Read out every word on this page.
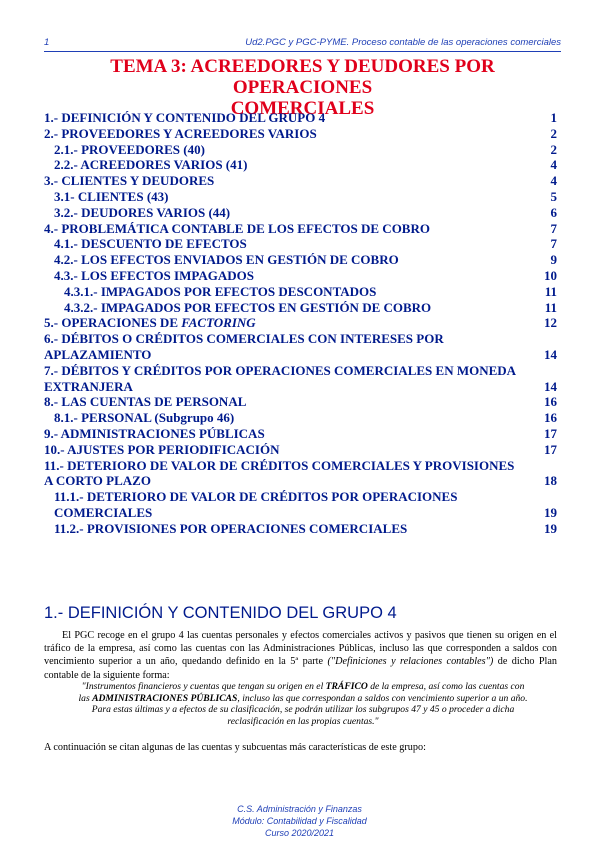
1	Ud2.PGC y PGC-PYME. Proceso contable de las operaciones comerciales
TEMA 3: ACREEDORES Y DEUDORES POR OPERACIONES
COMERCIALES
1.- DEFINICIÓN Y CONTENIDO DEL GRUPO 4	1
2.- PROVEEDORES Y ACREEDORES VARIOS	2
2.1.- PROVEEDORES (40)	2
2.2.- ACREEDORES VARIOS (41)	4
3.- CLIENTES Y DEUDORES	4
3.1- CLIENTES (43)	5
3.2.- DEUDORES VARIOS (44)	6
4.- PROBLEMÁTICA CONTABLE DE LOS EFECTOS DE COBRO	7
4.1.- DESCUENTO DE EFECTOS	7
4.2.- LOS EFECTOS ENVIADOS EN GESTIÓN DE COBRO	9
4.3.- LOS EFECTOS IMPAGADOS	10
4.3.1.- IMPAGADOS POR EFECTOS DESCONTADOS	11
4.3.2.- IMPAGADOS POR EFECTOS EN GESTIÓN DE COBRO	11
5.- OPERACIONES DE FACTORING	12
6.- DÉBITOS O CRÉDITOS COMERCIALES CON INTERESES POR APLAZAMIENTO	14
7.- DÉBITOS Y CRÉDITOS POR OPERACIONES COMERCIALES EN MONEDA EXTRANJERA	14
8.- LAS CUENTAS DE PERSONAL	16
8.1.- PERSONAL (Subgrupo 46)	16
9.- ADMINISTRACIONES PÚBLICAS	17
10.- AJUSTES POR PERIODIFICACIÓN	17
11.- DETERIORO DE VALOR DE CRÉDITOS COMERCIALES Y PROVISIONES A CORTO PLAZO	18
11.1.- DETERIORO DE VALOR DE CRÉDITOS POR OPERACIONES COMERCIALES	19
11.2.- PROVISIONES POR OPERACIONES COMERCIALES	19
1.- DEFINICIÓN Y CONTENIDO DEL GRUPO 4
El PGC recoge en el grupo 4 las cuentas personales y efectos comerciales activos y pasivos que tienen su origen en el tráfico de la empresa, así como las cuentas con las Administraciones Públicas, incluso las que corresponden a saldos con vencimiento superior a un año, quedando definido en la 5ª parte ("Definiciones y relaciones contables") de dicho Plan contable de la siguiente forma:
"Instrumentos financieros y cuentas que tengan su origen en el TRÁFICO de la empresa, así como las cuentas con las ADMINISTRACIONES PÚBLICAS, incluso las que correspondan a saldos con vencimiento superior a un año. Para estas últimas y a efectos de su clasificación, se podrán utilizar los subgrupos 47 y 45 o proceder a dicha reclasificación en las propias cuentas."
A continuación se citan algunas de las cuentas y subcuentas más características de este grupo:
C.S. Administración y Finanzas
Módulo: Contabilidad y Fiscalidad
Curso 2020/2021
